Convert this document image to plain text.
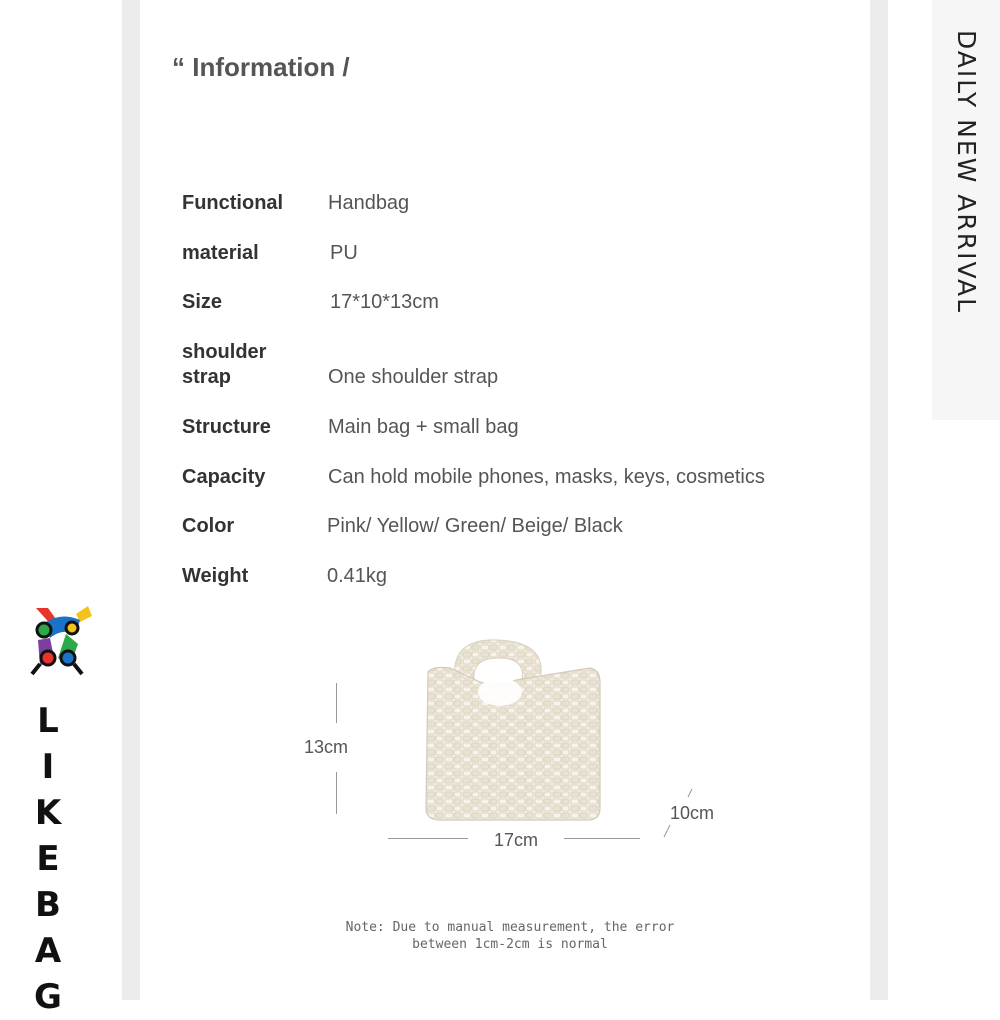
DAILY NEW ARRIVAL
L
I
K
E
B
A
G
“ Information /
Functional	Handbag
material	PU
Size	17*10*13cm
shoulder strap	One shoulder strap
Structure	Main bag + small bag
Capacity	Can hold mobile phones, masks, keys, cosmetics
Color	Pink/ Yellow/ Green/ Beige/ Black
Weight	0.41kg
13cm
17cm
10cm
Note: Due to manual measurement, the error
between 1cm-2cm is normal
